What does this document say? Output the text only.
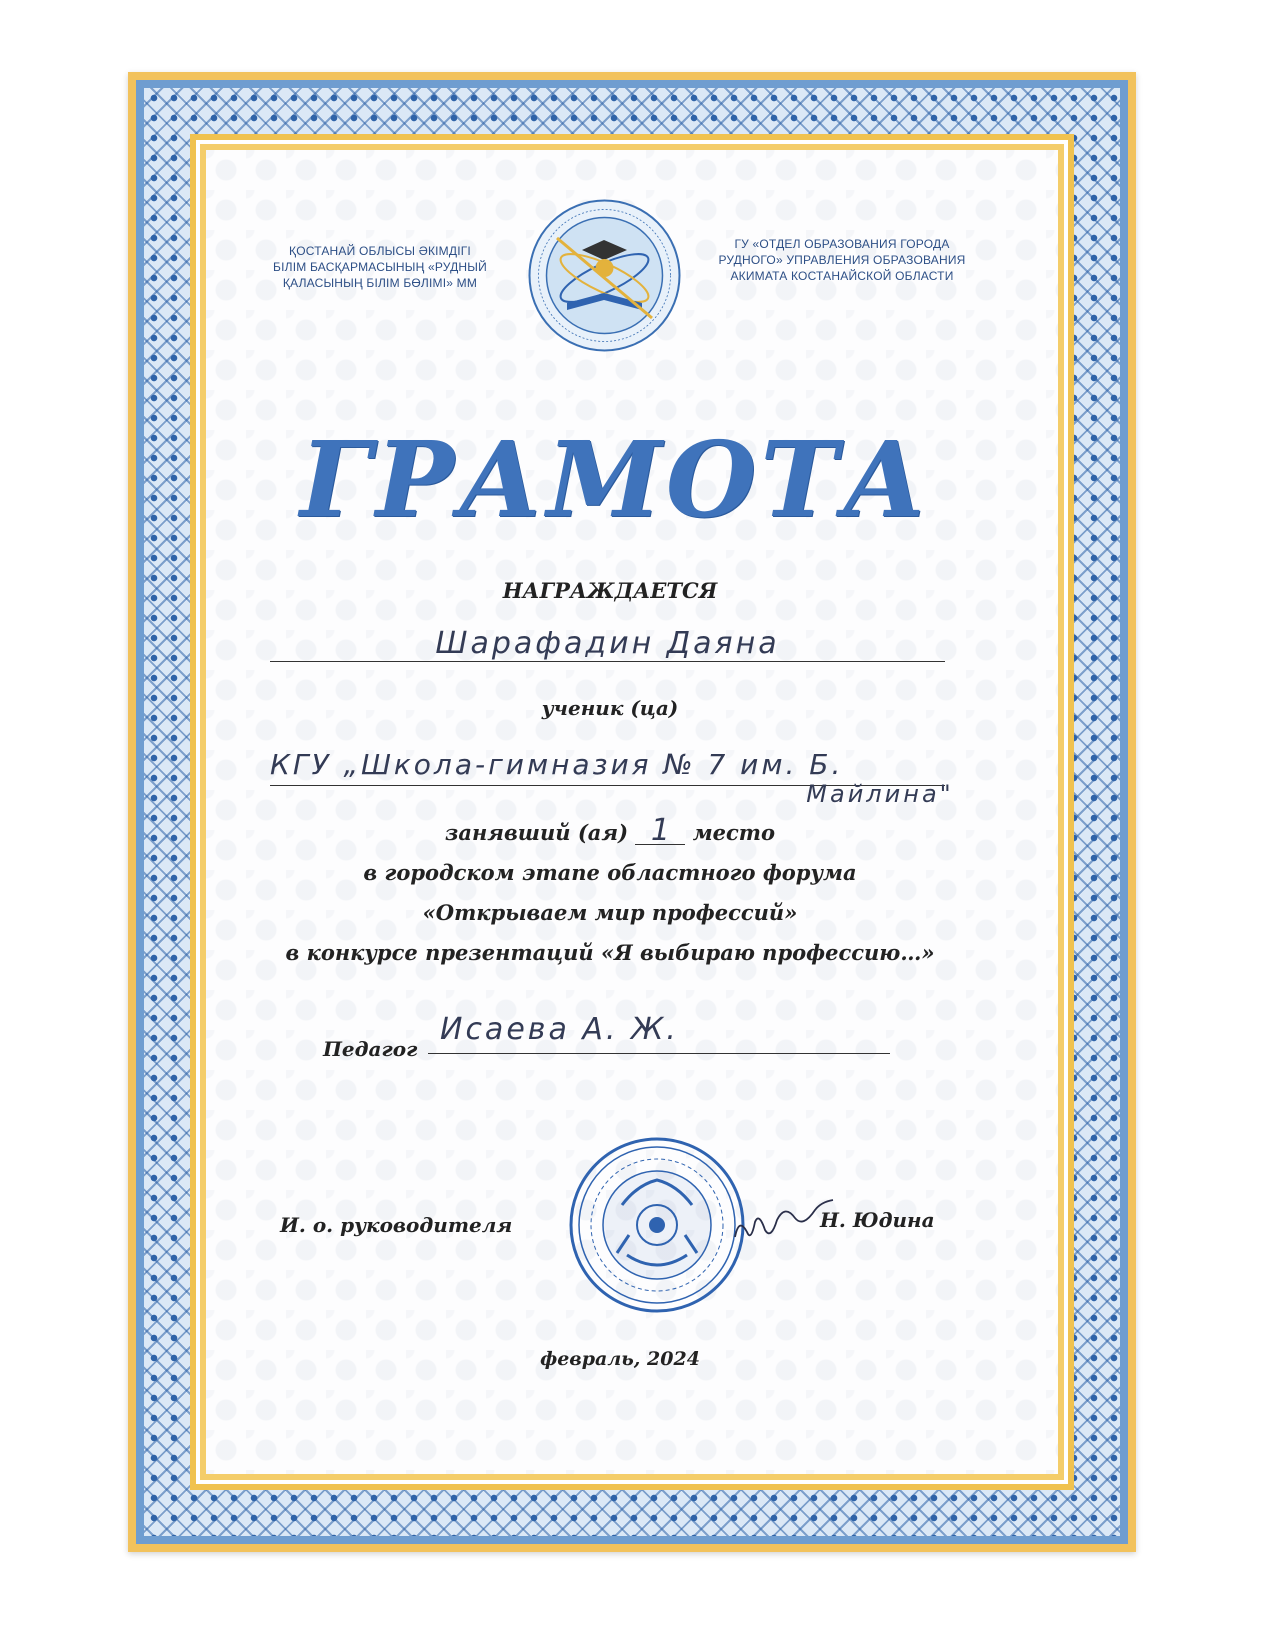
ҚОСТАНАЙ ОБЛЫСЫ ӘКІМДІГІ
БІЛІМ БАСҚАРМАСЫНЫҢ «РУДНЫЙ
ҚАЛАСЫНЫҢ БІЛІМ БӨЛІМІ» ММ
ГУ «ОТДЕЛ ОБРАЗОВАНИЯ ГОРОДА
РУДНОГО» УПРАВЛЕНИЯ ОБРАЗОВАНИЯ
АКИМАТА КОСТАНАЙСКОЙ ОБЛАСТИ
ГРАМОТА
НАГРАЖДАЕТСЯ
Шарафадин Даяна
ученик (ца)
КГУ „Школа-гимназия № 7 им. Б.
Майлина"
занявший (ая) 1 место
в городском этапе областного форума
«Открываем мир профессий»
в конкурсе презентаций «Я выбираю профессию…»
Педагог
Исаева А. Ж.
И. о. руководителя	Н. Юдина
февраль, 2024
